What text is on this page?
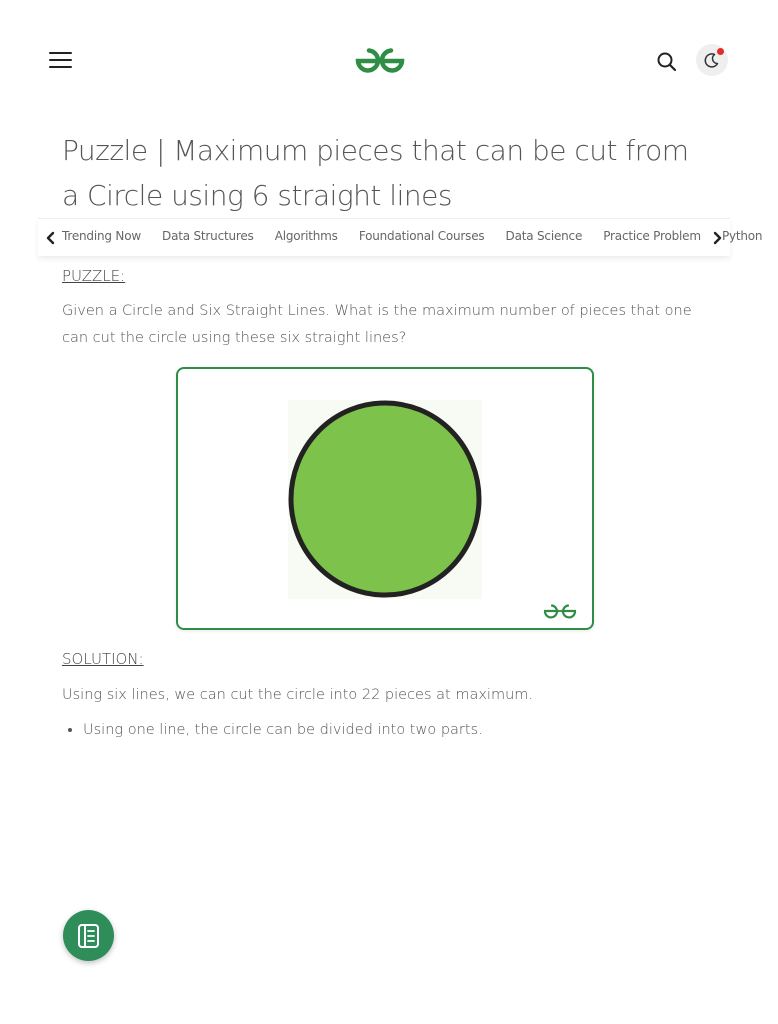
Puzzle | Maximum pieces that can be cut from a Circle using 6 straight lines
Trending Now Data Structures Algorithms Foundational Courses Data Science Practice Problem Python
PUZZLE:
Given a Circle and Six Straight Lines. What is the maximum number of pieces that one can cut the circle using these six straight lines?
SOLUTION:
Using six lines, we can cut the circle into 22 pieces at maximum.
• Using one line, the circle can be divided into two parts.
